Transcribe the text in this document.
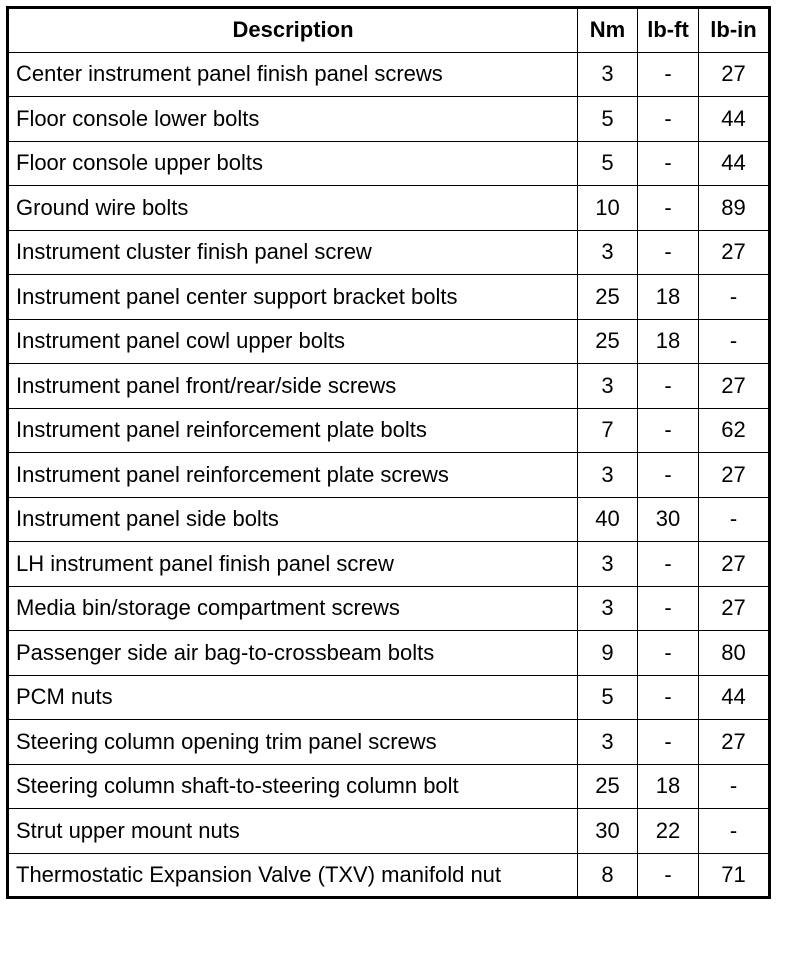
Description	Nm	lb-ft	lb-in
Center instrument panel finish panel screws	3	-	27
Floor console lower bolts	5	-	44
Floor console upper bolts	5	-	44
Ground wire bolts	10	-	89
Instrument cluster finish panel screw	3	-	27
Instrument panel center support bracket bolts	25	18	-
Instrument panel cowl upper bolts	25	18	-
Instrument panel front/rear/side screws	3	-	27
Instrument panel reinforcement plate bolts	7	-	62
Instrument panel reinforcement plate screws	3	-	27
Instrument panel side bolts	40	30	-
LH instrument panel finish panel screw	3	-	27
Media bin/storage compartment screws	3	-	27
Passenger side air bag-to-crossbeam bolts	9	-	80
PCM nuts	5	-	44
Steering column opening trim panel screws	3	-	27
Steering column shaft-to-steering column bolt	25	18	-
Strut upper mount nuts	30	22	-
Thermostatic Expansion Valve (TXV) manifold nut	8	-	71
